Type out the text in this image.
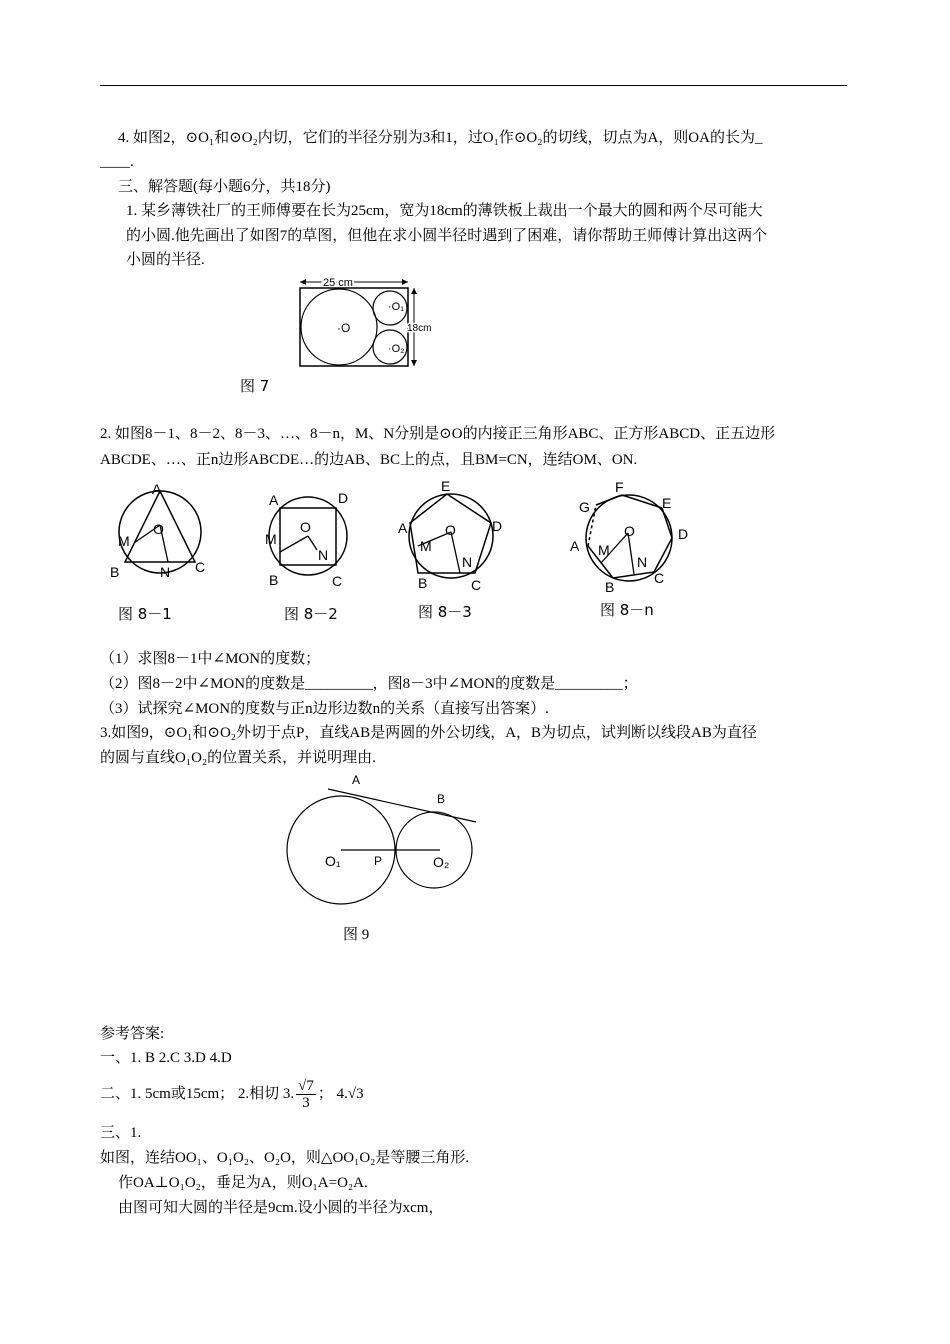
4. 如图2，⊙O₁和⊙O₂内切，它们的半径分别为3和1，过O₁作⊙O₂的切线，切点为A，则OA的长为_
____.
三、解答题(每小题6分，共18分)
1. 某乡薄铁社厂的王师傅要在长为25cm，宽为18cm的薄铁板上裁出一个最大的圆和两个尽可能大
的小圆.他先画出了如图7的草图，但他在求小圆半径时遇到了困难，请你帮助王师傅计算出这两个
小圆的半径.
25 cm
·O
·O₁
·O₂
18cm
图 7
2. 如图8－1、8－2、8－3、…、8－n，M、N分别是⊙O的内接正三角形ABC、正方形ABCD、正五边形
ABCDE、…、正n边形ABCDE…的边AB、BC上的点，且BM=CN，连结OM、ON.
A
O
M
N
B	C
图 8－1
A	D
O
M
N
B	C
图 8－2
E
A	D
O
M
N
B	C
图 8－3
F
G	E
A
D
O
M
N
B
C
图 8－n
（1）求图8－1中∠MON的度数；
（2）图8－2中∠MON的度数是_________，图8－3中∠MON的度数是_________；
（3）试探究∠MON的度数与正n边形边数n的关系（直接写出答案）.
3.如图9，⊙O₁和⊙O₂外切于点P，直线AB是两圆的外公切线，A，B为切点，试判断以线段AB为直径
的圆与直线O₁O₂的位置关系，并说明理由.
A
B
O₁	P	O₂
图 9
参考答案:
一、1. B 2.C 3.D 4.D
二、1. 5cm或15cm； 2.相切 3. $\frac{√7}{3}$ ； 4.√3
三、1.
如图，连结OO₁、O₁O₂、O₂O，则△OO₁O₂是等腰三角形.
作OA⊥O₁O₂，垂足为A，则O₁A=O₂A.
由图可知大圆的半径是9cm.设小圆的半径为xcm，
